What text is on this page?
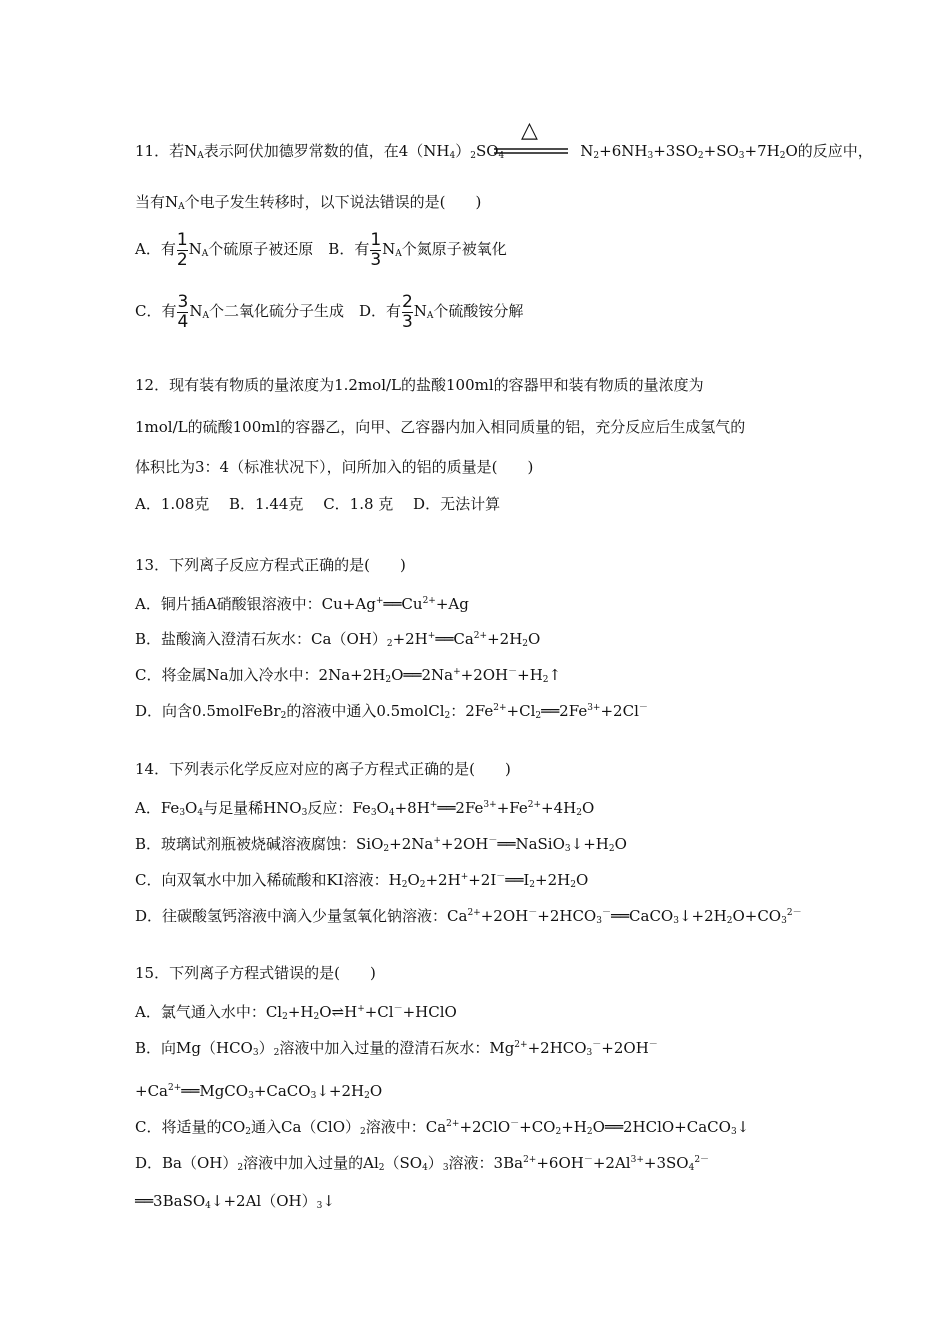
11．若$N_A$表示阿伏加德罗常数的值，在$4(NH_4)_2SO_4$	$N_2+6NH_3+3SO_2+SO_3+7H_2O$的反应中，
△
当有$N_A$个电子发生转移时，以下说法错误的是(　　)
A．有 $\frac{1}{2} N_A$个硫原子被还原　B．有 $\frac{1}{3} N_A$个氮原子被氧化
C．有 $\frac{3}{4} N_A$个二氧化硫分子生成　D．有 $\frac{2}{3} N_A$个硫酸铵分解
12．现有装有物质的量浓度为1.2mol/L的盐酸100ml的容器甲和装有物质的量浓度为
1mol/L的硫酸100ml的容器乙，向甲、乙容器内加入相同质量的铝，充分反应后生成氢气的
体积比为3：4（标准状况下），问所加入的铝的质量是(　　)
A．1.08克　 B．1.44克　 C．1.8 克　 D．无法计算
13．下列离子反应方程式正确的是(　　)
A．铜片插A硝酸银溶液中：$Cu+Ag^+══Cu^{2+}+Ag$
B．盐酸滴入澄清石灰水：$Ca(OH)_2+2H^+══Ca^{2+}+2H_2O$
C．将金属Na加入冷水中：$2Na+2H_2O══2Na^++2OH^-+H_2↑$
D．向含0.5molFeBr$_2$的溶液中通入0.5molCl$_2$：$2Fe^{2+}+Cl_2══2Fe^{3+}+2Cl^-$
14．下列表示化学反应对应的离子方程式正确的是(　　)
A．$Fe_3O_4$与足量稀$HNO_3$反应：$Fe_3O_4+8H^+══2Fe^{3+}+Fe^{2+}+4H_2O$
B．玻璃试剂瓶被烧碱溶液腐蚀：$SiO_2+2Na^++2OH^-══NaSiO_3↓+H_2O$
C．向双氧水中加入稀硫酸和KI溶液：$H_2O_2+2H^++2I^-══I_2+2H_2O$
D．往碳酸氢钙溶液中滴入少量氢氧化钠溶液：$Ca^{2+}+2OH^-+2HCO_3^-══CaCO_3↓+2H_2O+CO_3^{2-}$
15．下列离子方程式错误的是(　　)
A．氯气通入水中：$Cl_2+H_2O\rightleftharpoons H^++Cl^-+HClO$
B．向$Mg(HCO_3)_2$溶液中加入过量的澄清石灰水：$Mg^{2+}+2HCO_3^-+2OH^-$
$+Ca^{2+}══MgCO_3+CaCO_3↓+2H_2O$
C．将适量的$CO_2$通入$Ca(ClO)_2$溶液中：$Ca^{2+}+2ClO^-+CO_2+H_2O══2HClO+CaCO_3↓$
D．$Ba(OH)_2$溶液中加入过量的$Al_2(SO_4)_3$溶液：$3Ba^{2+}+6OH^-+2Al^{3+}+3SO_4^{2-}$
$══3BaSO_4↓+2Al(OH)_3↓$
